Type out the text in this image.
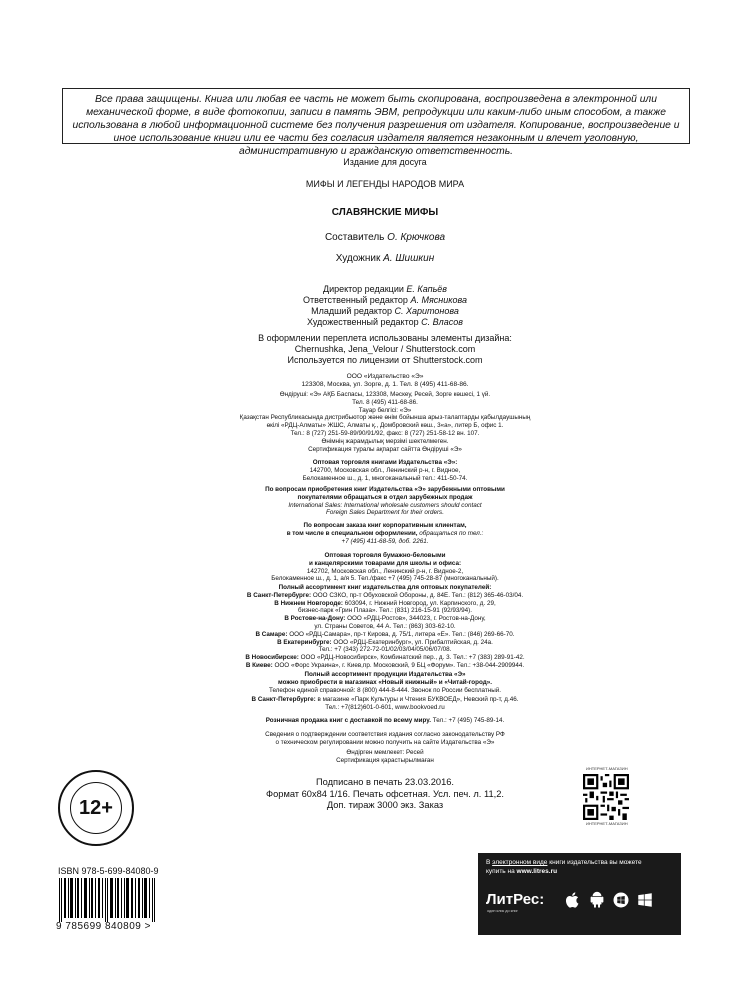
Все права защищены. Книга или любая ее часть не может быть скопирована, воспроизведена в электронной или механической форме, в виде фотокопии, записи в память ЭВМ, репродукции или каким-либо иным способом, а также использована в любой информационной системе без получения разрешения от издателя. Копирование, воспроизведение и иное использование книги или ее части без согласия издателя является незаконным и влечет уголовную, административную и гражданскую ответственность.
Издание для досуга
МИФЫ И ЛЕГЕНДЫ НАРОДОВ МИРА
СЛАВЯНСКИЕ МИФЫ
Составитель О. Крючкова
Художник А. Шишкин
Директор редакции Е. Капьёв
Ответственный редактор А. Мясникова
Младший редактор С. Харитонова
Художественный редактор С. Власов
В оформлении переплета использованы элементы дизайна:
Chernushka, Jena_Velour / Shutterstock.com
Используется по лицензии от Shutterstock.com
ООО «Издательство «Э»
123308, Москва, ул. Зорге, д. 1. Тел. 8 (495) 411-68-86.
Өндіруші: «Э» АҚБ Баспасы, 123308, Мәскеу, Ресей, Зорге көшесі, 1 үй.
Тел. 8 (495) 411-68-86.
Тауар белгісі: «Э»
Қазақстан Республикасында дистрибьютор және өнім бойынша арыз-талаптарды қабылдаушының
өкілі «РДЦ-Алматы» ЖШС, Алматы қ., Домбровский көш., 3«а», литер Б, офис 1.
Тел.: 8 (727) 251-59-89/90/91/92, факс: 8 (727) 251-58-12 вн. 107.
Өнімнің жарамдылық мерзімі шектелмеген.
Сертификация туралы ақпарат сайтта Өндіруші «Э»
Оптовая торговля книгами Издательства «Э»:
142700, Московская обл., Ленинский р-н, г. Видное,
Белокаменное ш., д. 1, многоканальный тел.: 411-50-74.
По вопросам приобретения книг Издательства «Э» зарубежными оптовыми
покупателями обращаться в отдел зарубежных продаж
International Sales: International wholesale customers should contact
Foreign Sales Department for their orders.
По вопросам заказа книг корпоративным клиентам,
в том числе в специальном оформлении, обращаться по тел.:
+7 (495) 411-68-59, доб. 2261.
Оптовая торговля бумажно-беловыми
и канцелярскими товарами для школы и офиса:
142702, Московская обл., Ленинский р-н, г. Видное-2,
Белокаменное ш., д. 1, а/я 5. Тел./факс +7 (495) 745-28-87 (многоканальный).
Полный ассортимент книг издательства для оптовых покупателей:
В Санкт-Петербурге: ООО СЗКО, пр-т Обуховской Обороны, д. 84Е. Тел.: (812) 365-46-03/04.
В Нижнем Новгороде: 603094, г. Нижний Новгород, ул. Карпинского, д. 29,
бизнес-парк «Грин Плаза». Тел.: (831) 216-15-91 (92/93/94).
В Ростове-на-Дону: ООО «РДЦ-Ростов», 344023, г. Ростов-на-Дону,
ул. Страны Советов, 44 А. Тел.: (863) 303-62-10.
В Самаре: ООО «РДЦ-Самара», пр-т Кирова, д. 75/1, литера «Е». Тел.: (846) 269-66-70.
В Екатеринбурге: ООО «РДЦ-Екатеринбург», ул. Прибалтийская, д. 24а.
Тел.: +7 (343) 272-72-01/02/03/04/05/06/07/08.
В Новосибирске: ООО «РДЦ-Новосибирск», Комбинатский пер., д. 3. Тел.: +7 (383) 289-91-42.
В Киеве: ООО «Форс Украина», г. Киев,пр. Московский, 9 БЦ «Форум». Тел.: +38-044-2909944.
Полный ассортимент продукции Издательства «Э»
можно приобрести в магазинах «Новый книжный» и «Читай-город».
Телефон единой справочной: 8 (800) 444-8-444. Звонок по России бесплатный.
В Санкт-Петербурге: в магазине «Парк Культуры и Чтения БУКВОЕД», Невский пр-т, д.46.
Тел.: +7(812)601-0-601, www.bookvoed.ru
Розничная продажа книг с доставкой по всему миру. Тел.: +7 (495) 745-89-14.
Сведения о подтверждении соответствия издания согласно законодательству РФ
о техническом регулировании можно получить на сайте Издательства «Э»
Өндірген мемлекет: Ресей
Сертификация қарастырылмаған
Подписано в печать 23.03.2016.
Формат 60x84 1/16. Печать офсетная. Усл. печ. л. 11,2.
Доп. тираж 3000 экз. Заказ
12+
ISBN 978-5-699-84080-9
9 785699 840809 >
ИНТЕРНЕТ-МАГАЗИН
ИНТЕРНЕТ-МАГАЗИН
В электронном виде книги издательства вы можете
купить на www.litres.ru
ЛитРес:
один клик до книг
